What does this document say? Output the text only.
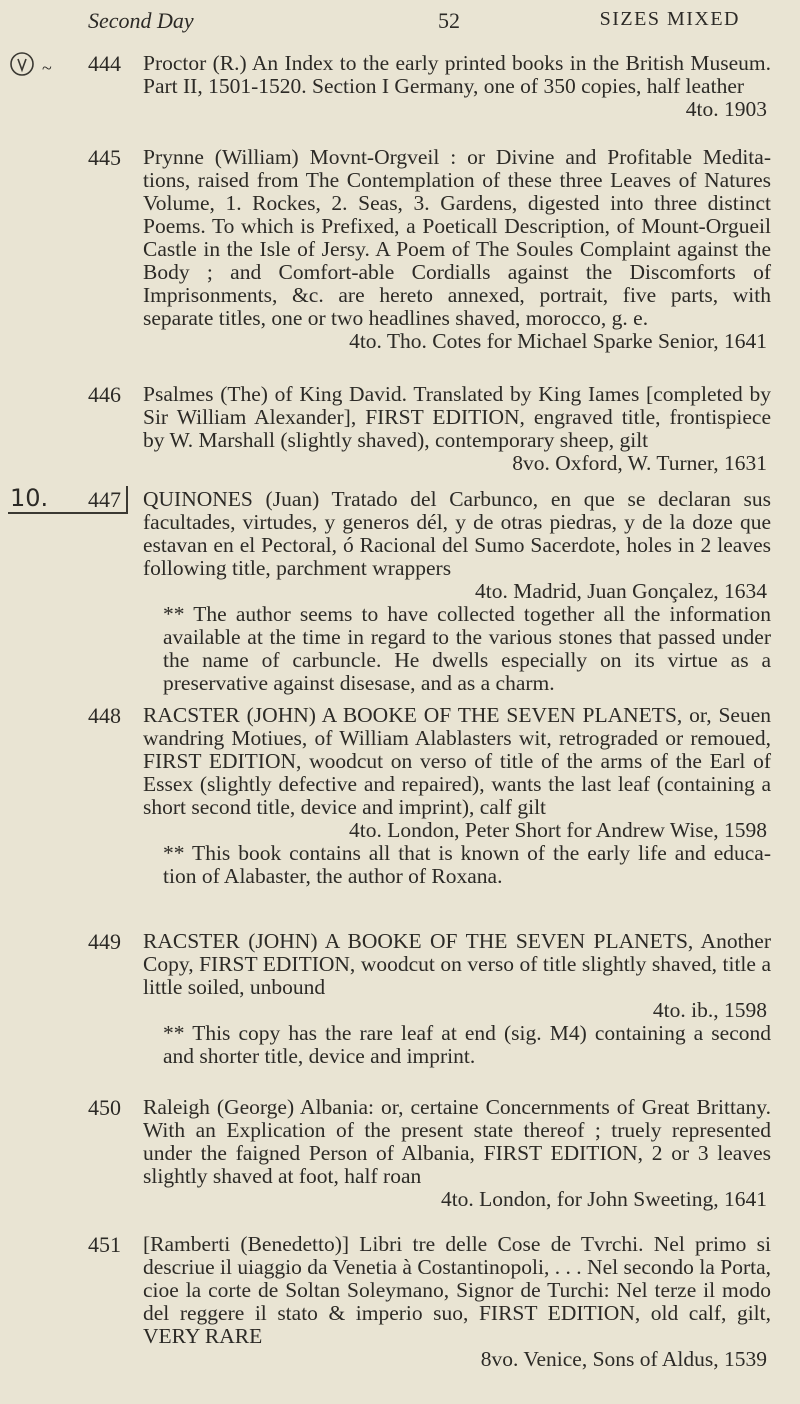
Second Day	52	SIZES MIXED
~ 444	Proctor (R.) An Index to the early printed books in the British Museum. Part II, 1501-1520. Section I Germany, one of 350 copies, half leather

4to. 1903

445	Prynne (William) Movnt-Orgveil : or Divine and Profitable Medita-tions, raised from The Contemplation of these three Leaves of Natures Volume, 1. Rockes, 2. Seas, 3. Gardens, digested into three distinct Poems. To which is Prefixed, a Poeticall Description, of Mount-Orgueil Castle in the Isle of Jersy. A Poem of The Soules Complaint against the Body ; and Comfort-able Cordialls against the Discomforts of Imprisonments, &c. are hereto annexed, portrait, five parts, with separate titles, one or two headlines shaved, morocco, g. e.

4to. Tho. Cotes for Michael Sparke Senior, 1641

446	Psalmes (The) of King David. Translated by King Iames [completed by Sir William Alexander], FIRST EDITION, engraved title, frontispiece by W. Marshall (slightly shaved), contemporary sheep, gilt

8vo. Oxford, W. Turner, 1631

10. 447	QUINONES (Juan) Tratado del Carbunco, en que se declaran sus facultades, virtudes, y generos dél, y de otras piedras, y de la doze que estavan en el Pectoral, ó Racional del Sumo Sacerdote, holes in 2 leaves following title, parchment wrappers

4to. Madrid, Juan Gonçalez, 1634

** The author seems to have collected together all the information available at the time in regard to the various stones that passed under the name of carbuncle. He dwells especially on its virtue as a preservative against disesase, and as a charm.

448	RACSTER (JOHN) A BOOKE OF THE SEVEN PLANETS, or, Seuen wandring Motiues, of William Alablasters wit, retrograded or remoued, FIRST EDITION, woodcut on verso of title of the arms of the Earl of Essex (slightly defective and repaired), wants the last leaf (containing a short second title, device and imprint), calf gilt

4to. London, Peter Short for Andrew Wise, 1598

** This book contains all that is known of the early life and educa-tion of Alabaster, the author of Roxana.

449	RACSTER (JOHN) A BOOKE OF THE SEVEN PLANETS, Another Copy, FIRST EDITION, woodcut on verso of title slightly shaved, title a little soiled, unbound

4to. ib., 1598

** This copy has the rare leaf at end (sig. M4) containing a second and shorter title, device and imprint.

450	Raleigh (George) Albania: or, certaine Concernments of Great Brittany. With an Explication of the present state thereof ; truely represented under the faigned Person of Albania, FIRST EDITION, 2 or 3 leaves slightly shaved at foot, half roan

4to. London, for John Sweeting, 1641

451	[Ramberti (Benedetto)] Libri tre delle Cose de Tvrchi. Nel primo si descriue il uiaggio da Venetia à Costantinopoli, . . . Nel secondo la Porta, cioe la corte de Soltan Soleymano, Signor de Turchi: Nel terze il modo del reggere il stato & imperio suo, FIRST EDITION, old calf, gilt, VERY RARE

8vo. Venice, Sons of Aldus, 1539
